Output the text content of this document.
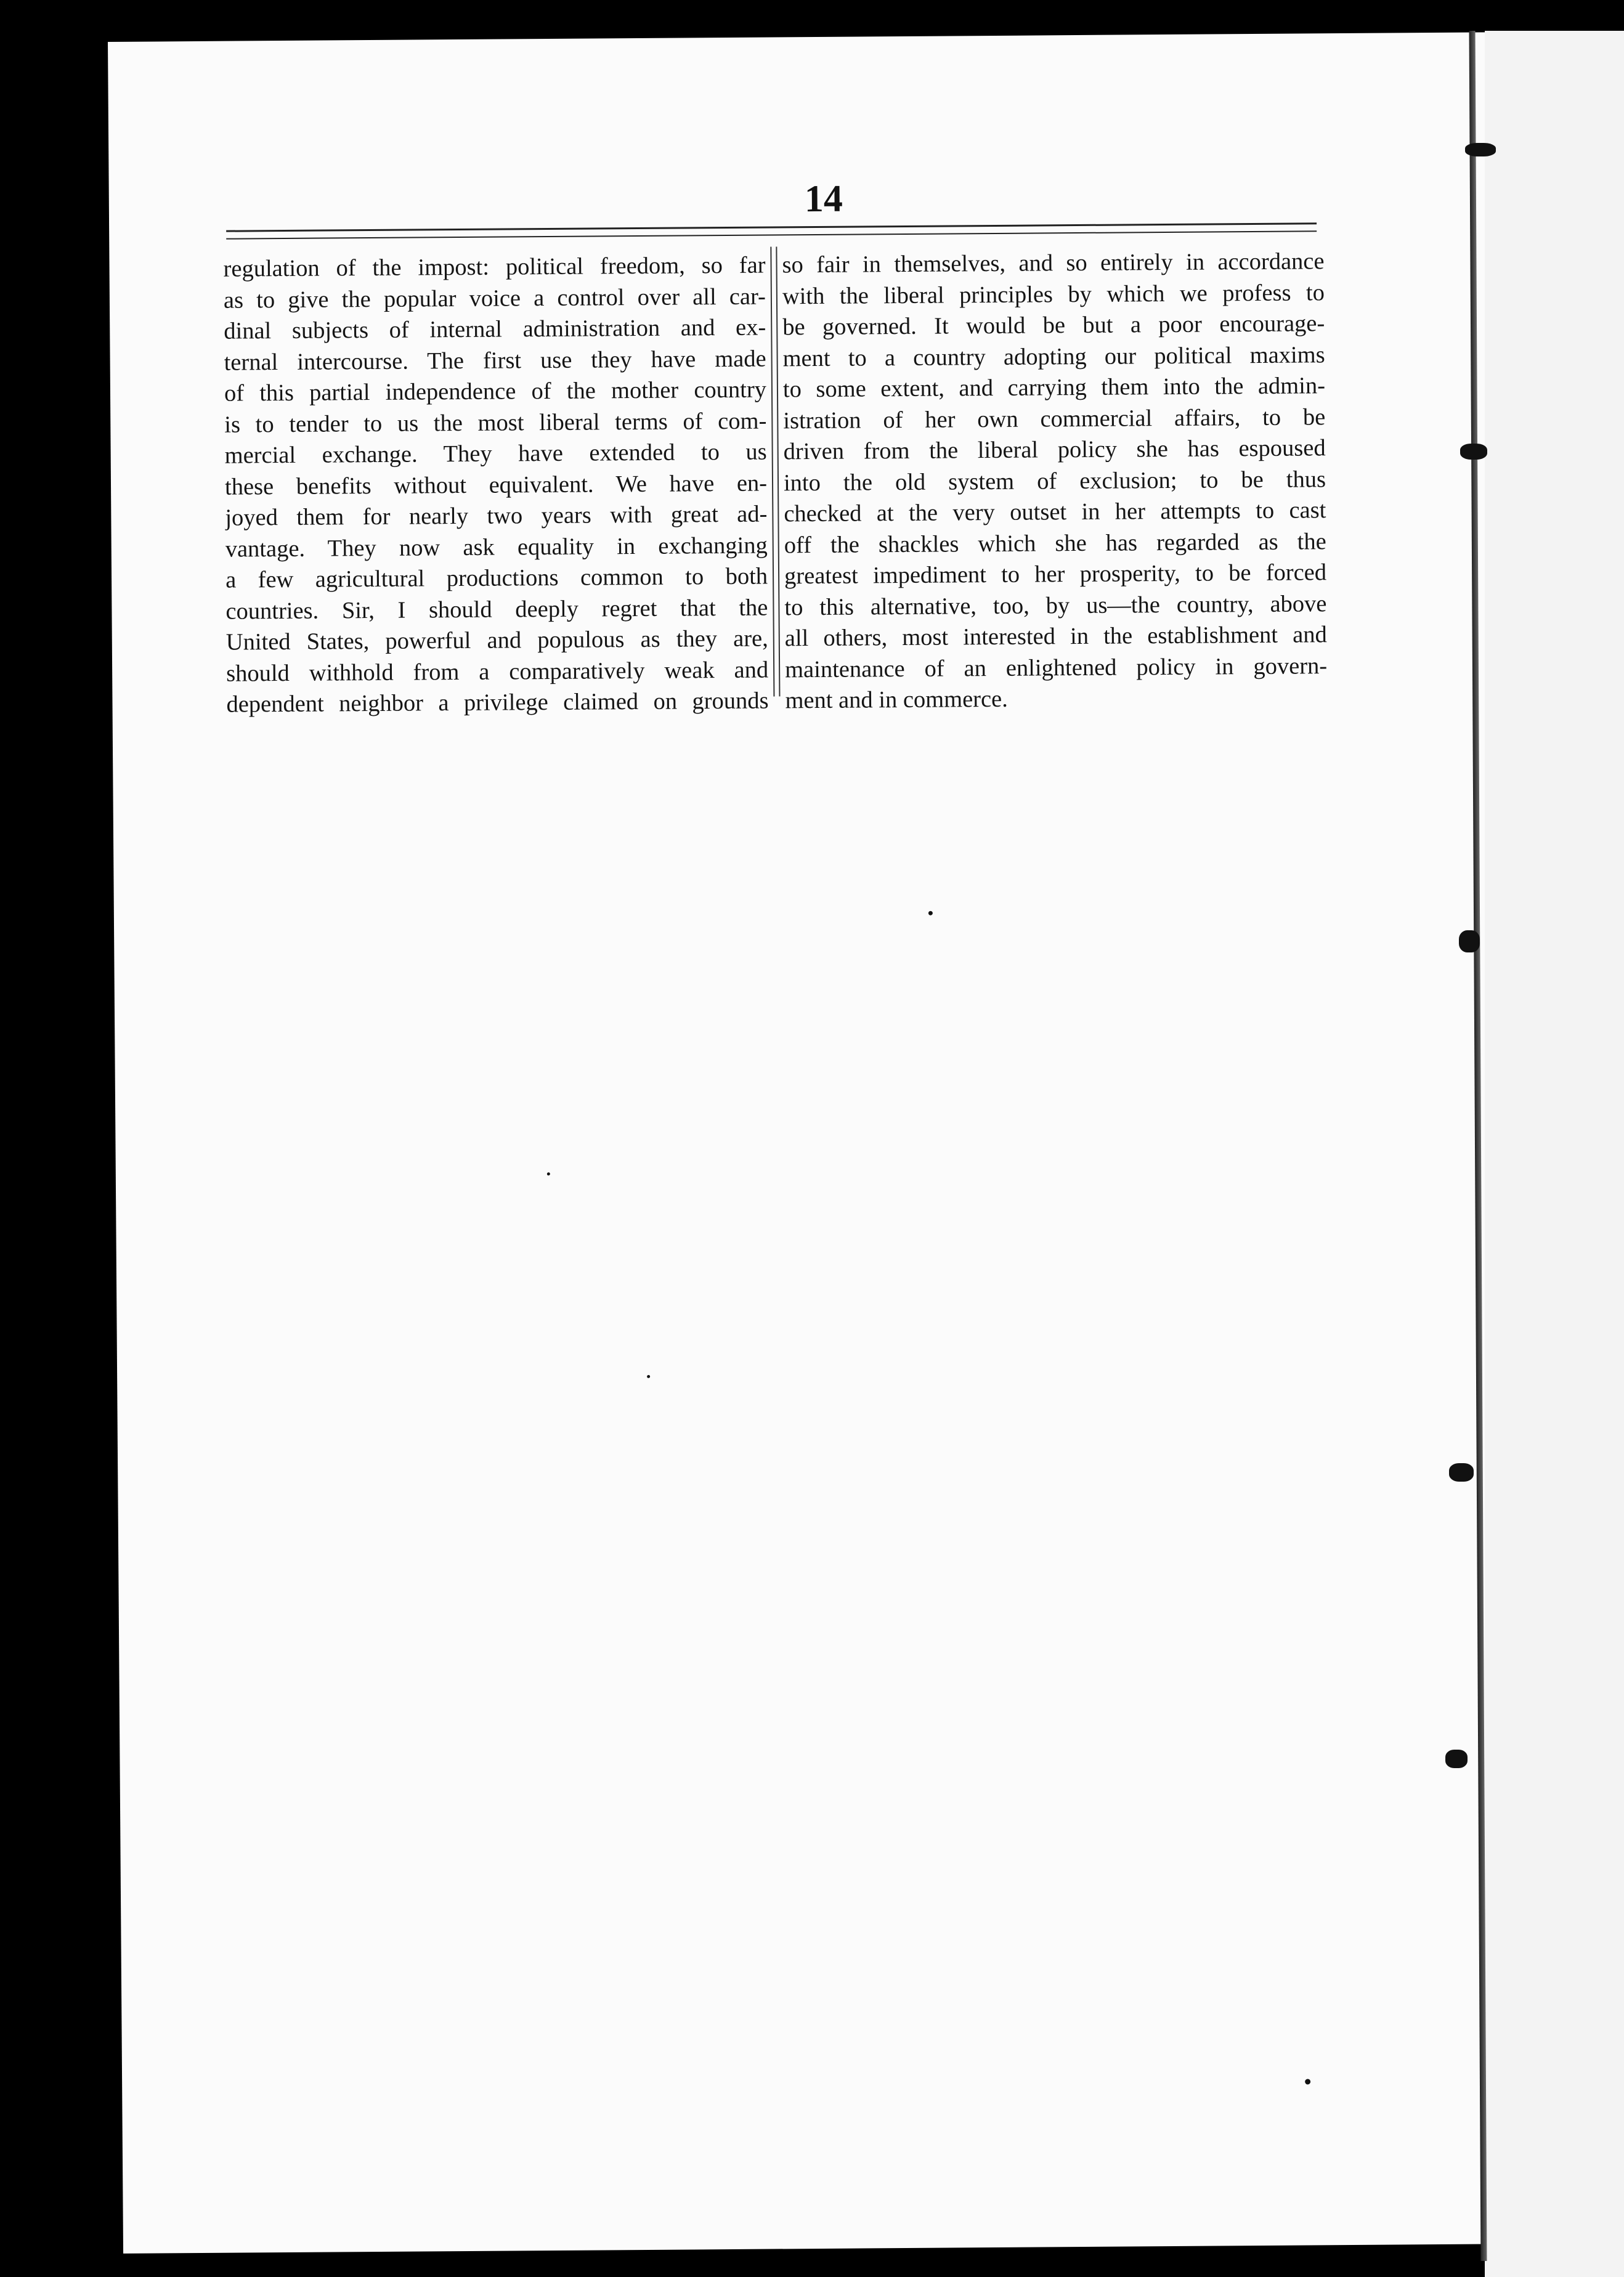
14
regulation of the impost: political freedom, so far
as to give the popular voice a control over all car-
dinal subjects of internal administration and ex-
ternal intercourse. The first use they have made
of this partial independence of the mother country
is to tender to us the most liberal terms of com-
mercial exchange. They have extended to us
these benefits without equivalent. We have en-
joyed them for nearly two years with great ad-
vantage. They now ask equality in exchanging
a few agricultural productions common to both
countries. Sir, I should deeply regret that the
United States, powerful and populous as they are,
should withhold from a comparatively weak and
dependent neighbor a privilege claimed on grounds
so fair in themselves, and so entirely in accordance
with the liberal principles by which we profess to
be governed. It would be but a poor encourage-
ment to a country adopting our political maxims
to some extent, and carrying them into the admin-
istration of her own commercial affairs, to be
driven from the liberal policy she has espoused
into the old system of exclusion; to be thus
checked at the very outset in her attempts to cast
off the shackles which she has regarded as the
greatest impediment to her prosperity, to be forced
to this alternative, too, by us—the country, above
all others, most interested in the establishment and
maintenance of an enlightened policy in govern-
ment and in commerce.
